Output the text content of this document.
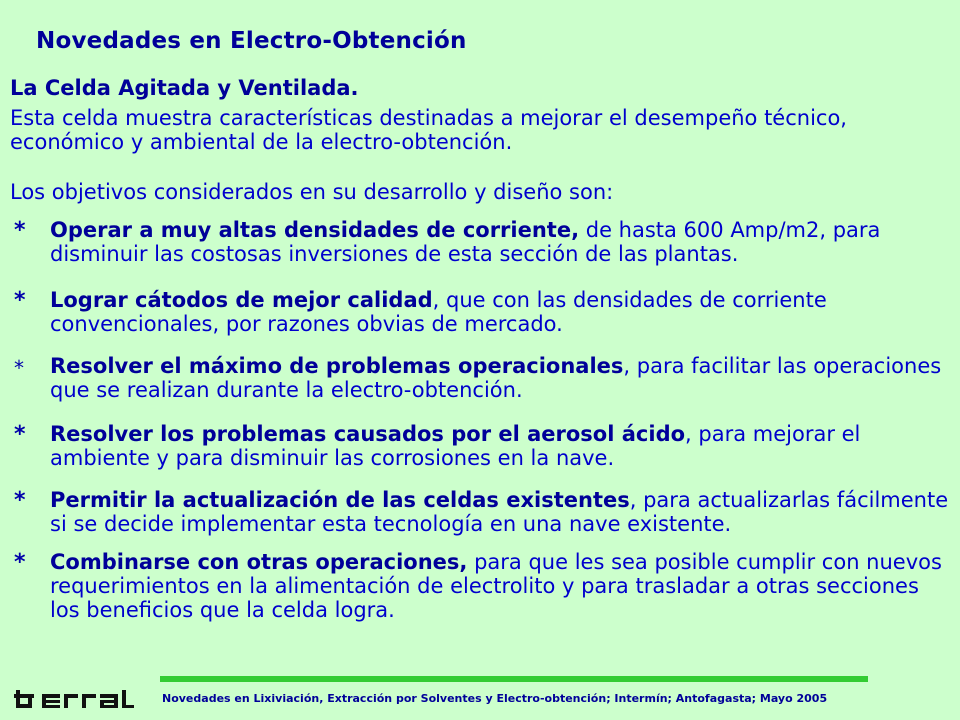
Novedades en Electro-Obtención
La Celda Agitada y Ventilada.
Esta celda muestra características destinadas a mejorar el desempeño técnico, económico y ambiental de la electro-obtención.
Los objetivos considerados en su desarrollo y diseño son:
* Operar a muy altas densidades de corriente, de hasta 600 Amp/m2, para disminuir las costosas inversiones de esta sección de las plantas.
* Lograr cátodos de mejor calidad, que con las densidades de corriente convencionales, por razones obvias de mercado.
* Resolver el máximo de problemas operacionales, para facilitar las operaciones que se realizan durante la electro-obtención.
* Resolver los problemas causados por el aerosol ácido, para mejorar el ambiente y para disminuir las corrosiones en la nave.
* Permitir la actualización de las celdas existentes, para actualizarlas fácilmente si se decide implementar esta tecnología en una nave existente.
* Combinarse con otras operaciones, para que les sea posible cumplir con nuevos requerimientos en la alimentación de electrolito y para trasladar a otras secciones los beneficios que la celda logra.
Novedades en Lixiviación, Extracción por Solventes y Electro-obtención; Intermín; Antofagasta; Mayo 2005
